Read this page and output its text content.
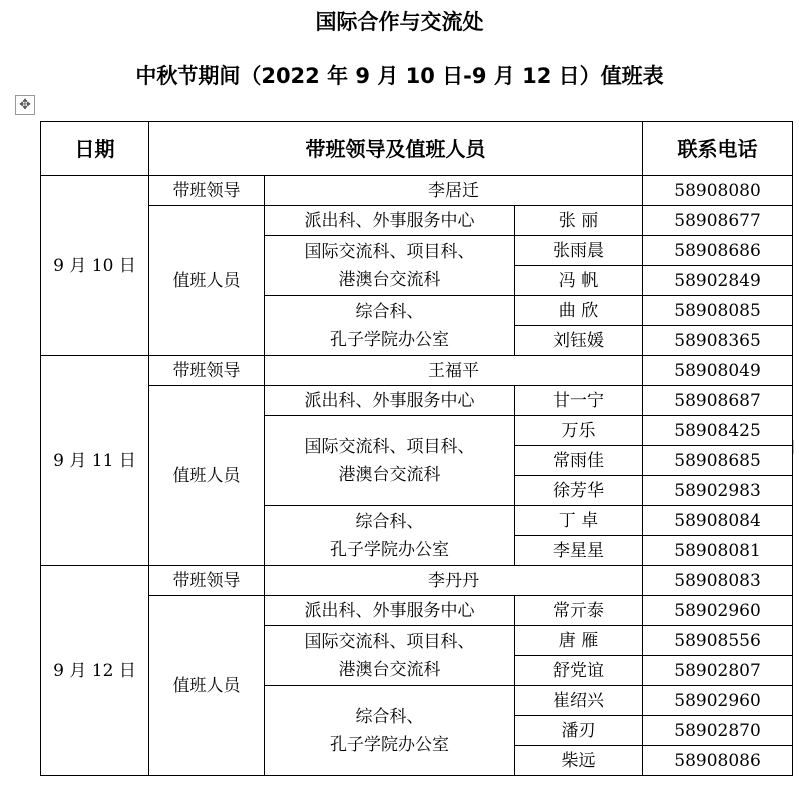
国际合作与交流处
中秋节期间（2022 年 9 月 10 日-9 月 12 日）值班表
✥
日期	带班领导及值班人员			联系电话
9 月 10 日	带班领导	李居迁		58908080
	值班人员	派出科、外事服务中心	张 丽	58908677
		国际交流科、项目科、
港澳台交流科	张雨晨	58908686
			冯 帆	58902849
		综合科、
孔子学院办公室	曲 欣	58908085
			刘钰媛	58908365
9 月 11 日	带班领导	王福平		58908049
	值班人员	派出科、外事服务中心	甘一宁	58908687
		国际交流科、项目科、
港澳台交流科	万乐	58908425
			常雨佳	58908685
			徐芳华	58902983
		综合科、
孔子学院办公室	丁 卓	58908084
			李星星	58908081
9 月 12 日	带班领导	李丹丹		58908083
	值班人员	派出科、外事服务中心	常亓泰	58902960
		国际交流科、项目科、
港澳台交流科	唐 雁	58908556
			舒党谊	58902807
		综合科、
孔子学院办公室	崔绍兴	58902960
			潘刃	58902870
			柴远	58908086
